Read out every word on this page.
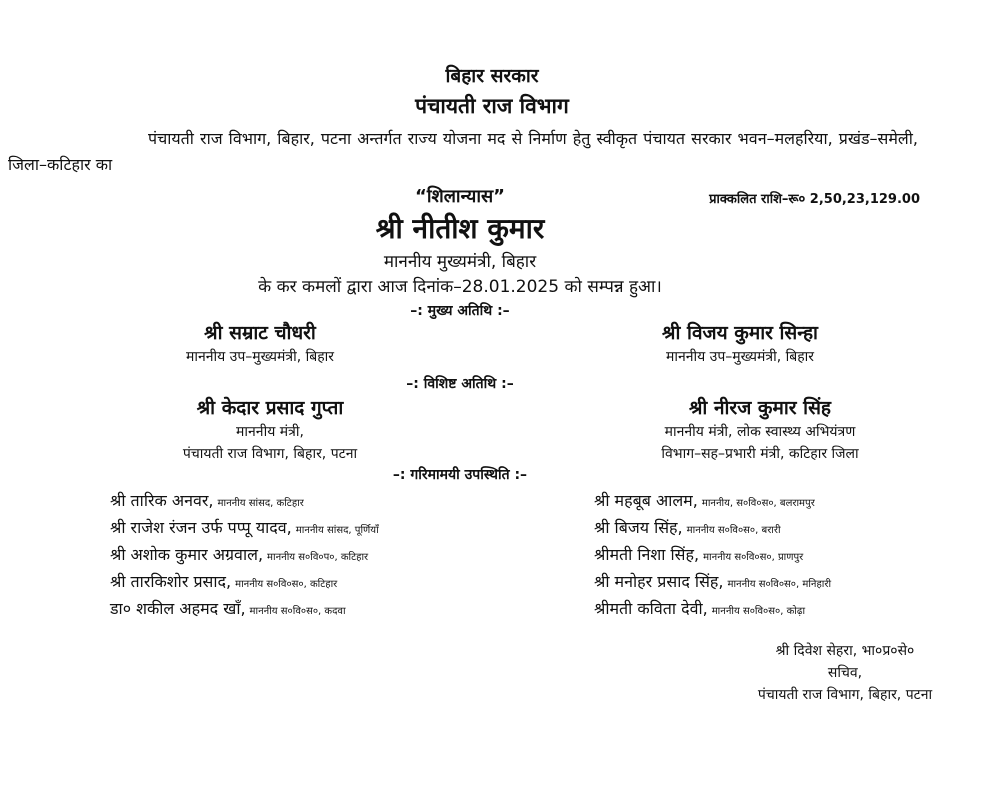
बिहार सरकार
पंचायती राज विभाग
पंचायती राज विभाग, बिहार, पटना अन्तर्गत राज्य योजना मद से निर्माण हेतु स्वीकृत पंचायत सरकार भवन–मलहरिया, प्रखंड–समेली, जिला–कटिहार का
“शिलान्यास”	प्राक्कलित राशि–रू० 2,50,23,129.00
श्री नीतीश कुमार
माननीय मुख्यमंत्री, बिहार
के कर कमलों द्वारा आज दिनांक–28.01.2025 को सम्पन्न हुआ।
–: मुख्य अतिथि :–
श्री सम्राट चौधरी
माननीय उप–मुख्यमंत्री, बिहार
श्री विजय कुमार सिन्हा
माननीय उप–मुख्यमंत्री, बिहार
–: विशिष्ट अतिथि :–
श्री केदार प्रसाद गुप्ता
माननीय मंत्री,
पंचायती राज विभाग, बिहार, पटना
श्री नीरज कुमार सिंह
माननीय मंत्री, लोक स्वास्थ्य अभियंत्रण
विभाग–सह–प्रभारी मंत्री, कटिहार जिला
–: गरिमामयी उपस्थिति :–
श्री तारिक अनवर, माननीय सांसद, कटिहार
श्री राजेश रंजन उर्फ पप्पू यादव, माननीय सांसद, पूर्णियाँ
श्री अशोक कुमार अग्रवाल, माननीय स०वि०प०, कटिहार
श्री तारकिशोर प्रसाद, माननीय स०वि०स०, कटिहार
डा० शकील अहमद खाँ, माननीय स०वि०स०, कदवा
श्री महबूब आलम, माननीय, स०वि०स०, बलरामपुर
श्री बिजय सिंह, माननीय स०वि०स०, बरारी
श्रीमती निशा सिंह, माननीय स०वि०स०, प्राणपुर
श्री मनोहर प्रसाद सिंह, माननीय स०वि०स०, मनिहारी
श्रीमती कविता देवी, माननीय स०वि०स०, कोढ़ा
श्री दिवेश सेहरा, भा०प्र०से०
सचिव,
पंचायती राज विभाग, बिहार, पटना
